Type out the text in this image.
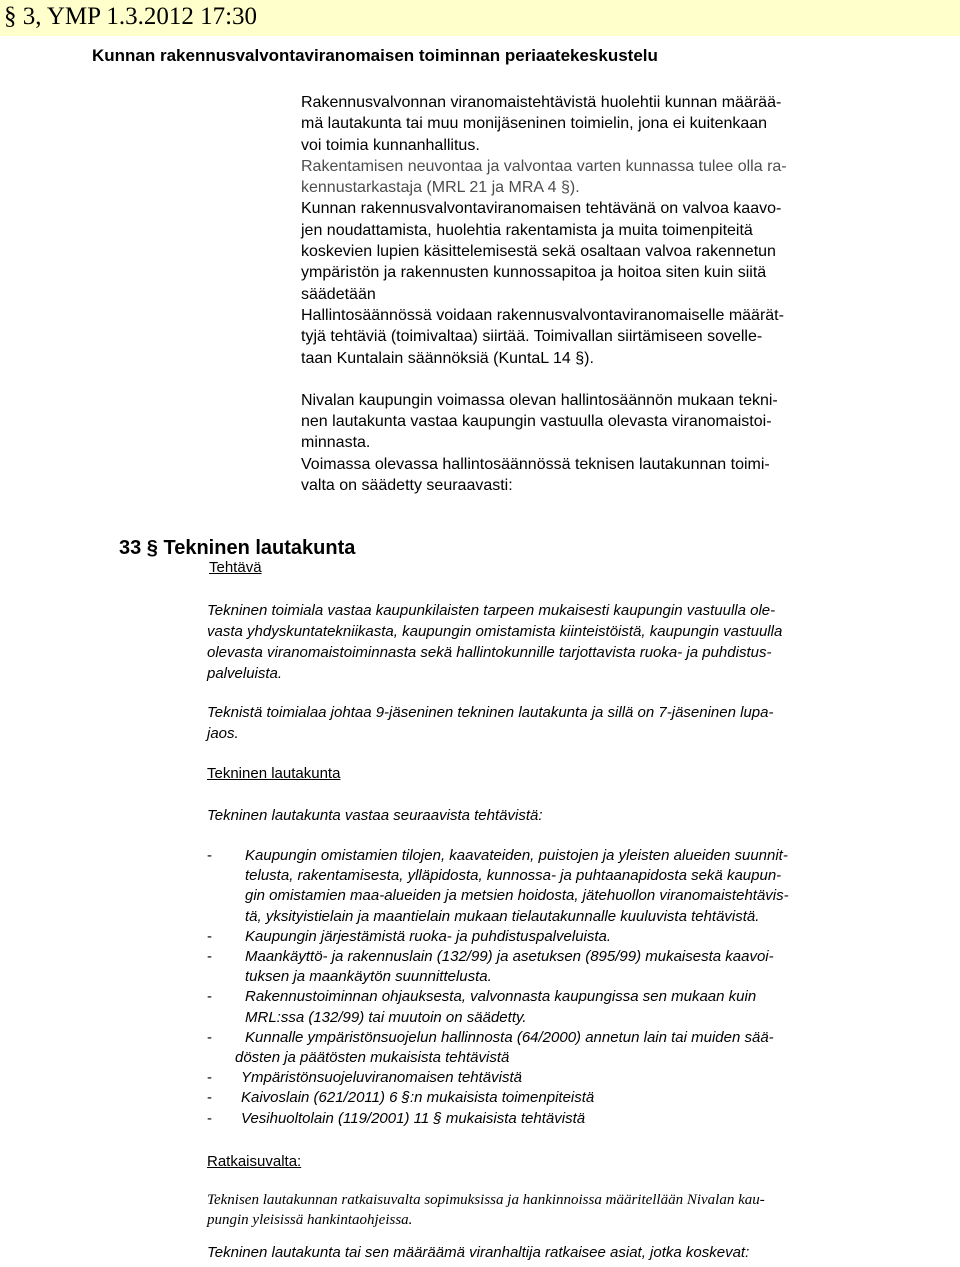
§ 3, YMP 1.3.2012 17:30
Kunnan rakennusvalvontaviranomaisen toiminnan periaatekeskustelu
Rakennusvalvonnan viranomaistehtävistä huolehtii kunnan määrää-
mä lautakunta tai muu monijäseninen toimielin, jona ei kuitenkaan
voi toimia kunnanhallitus.
Rakentamisen neuvontaa ja valvontaa varten kunnassa tulee olla ra-
kennustarkastaja (MRL 21 ja MRA 4 §).
Kunnan rakennusvalvontaviranomaisen tehtävänä on valvoa kaavo-
jen noudattamista, huolehtia rakentamista ja muita toimenpiteitä
koskevien lupien käsittelemisestä sekä osaltaan valvoa rakennetun
ympäristön ja rakennusten kunnossapitoa ja hoitoa siten kuin siitä
säädetään
Hallintosäännössä voidaan rakennusvalvontaviranomaiselle määrät-
tyjä tehtäviä (toimivaltaa) siirtää. Toimivallan siirtämiseen sovelle-
taan Kuntalain säännöksiä (KuntaL 14 §).
Nivalan kaupungin voimassa olevan hallintosäännön mukaan tekni-
nen lautakunta vastaa kaupungin vastuulla olevasta viranomaistoi-
minnasta.
Voimassa olevassa hallintosäännössä teknisen lautakunnan toimi-
valta on säädetty seuraavasti:
33 § Tekninen lautakunta
Tehtävä
Tekninen toimiala vastaa kaupunkilaisten tarpeen mukaisesti kaupungin vastuulla ole-
vasta yhdyskuntatekniikasta, kaupungin omistamista kiinteistöistä, kaupungin vastuulla
olevasta viranomaistoiminnasta sekä hallintokunnille tarjottavista ruoka- ja puhdistus-
palveluista.
Teknistä toimialaa johtaa 9-jäseninen tekninen lautakunta ja sillä on 7-jäseninen lupa-
jaos.
Tekninen lautakunta
Tekninen lautakunta vastaa seuraavista tehtävistä:
-	Kaupungin omistamien tilojen, kaavateiden, puistojen ja yleisten alueiden suunnit-
telusta, rakentamisesta, ylläpidosta, kunnossa- ja puhtaanapidosta sekä kaupun-
gin omistamien maa-alueiden ja metsien hoidosta, jätehuollon viranomaistehtävis-
tä, yksityistielain ja maantielain mukaan tielautakunnalle kuuluvista tehtävistä.
-	Kaupungin järjestämistä ruoka- ja puhdistuspalveluista.
-	Maankäyttö- ja rakennuslain (132/99) ja asetuksen (895/99) mukaisesta kaavoi-
tuksen ja maankäytön suunnittelusta.
-	Rakennustoiminnan ohjauksesta, valvonnasta kaupungissa sen mukaan kuin
MRL:ssa (132/99) tai muutoin on säädetty.
-	Kunnalle ympäristönsuojelun hallinnosta (64/2000) annetun lain tai muiden sää-
dösten ja päätösten mukaisista tehtävistä
-	Ympäristönsuojeluviranomaisen tehtävistä
-	Kaivoslain (621/2011) 6 §:n mukaisista toimenpiteistä
-	Vesihuoltolain (119/2001) 11 § mukaisista tehtävistä
Ratkaisuvalta:
Teknisen lautakunnan ratkaisuvalta sopimuksissa ja hankinnoissa määritellään Nivalan kau-
pungin yleisissä hankintaohjeissa.
Tekninen lautakunta tai sen määräämä viranhaltija ratkaisee asiat, jotka koskevat:
